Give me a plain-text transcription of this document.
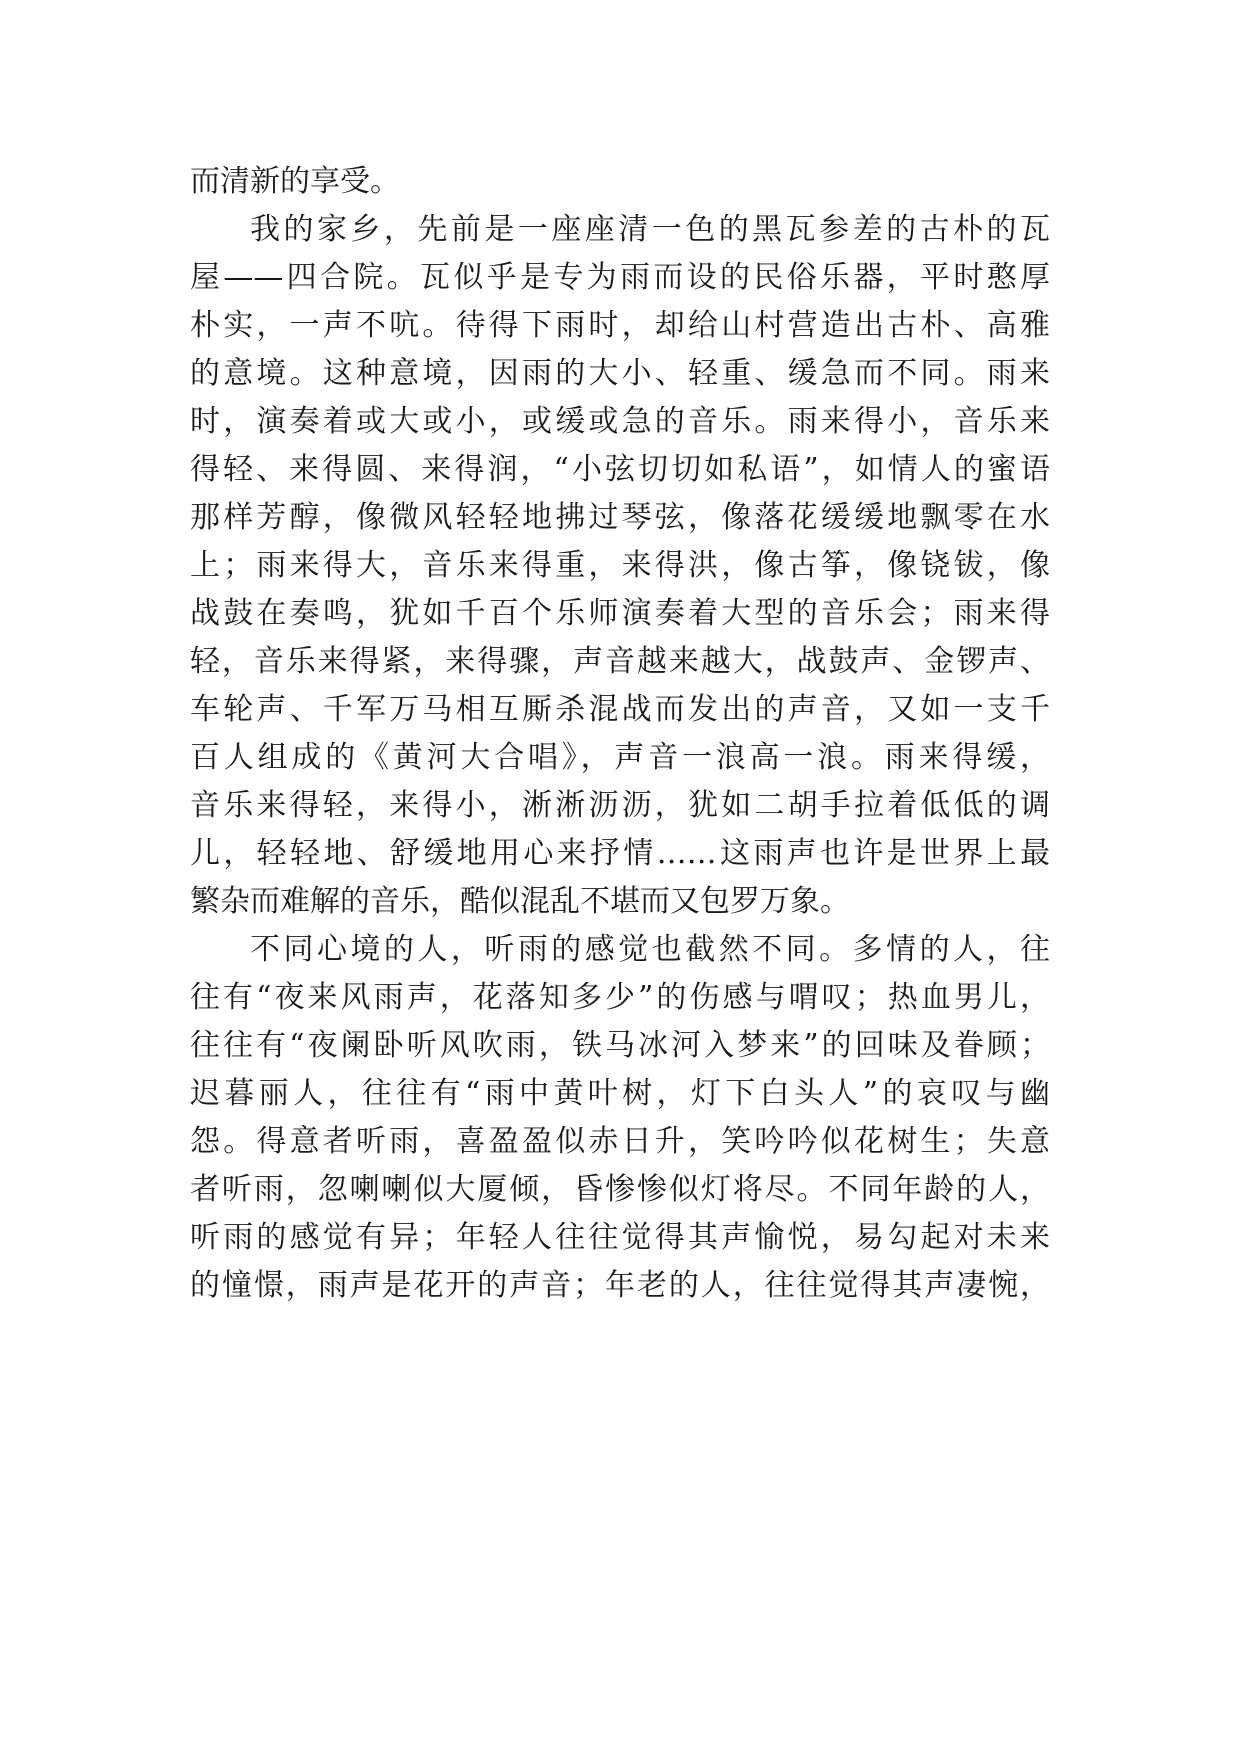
而清新的享受。
我的家乡，先前是一座座清一色的黑瓦参差的古朴的瓦
屋——四合院。瓦似乎是专为雨而设的民俗乐器，平时憨厚
朴实，一声不吭。待得下雨时，却给山村营造出古朴、高雅
的意境。这种意境，因雨的大小、轻重、缓急而不同。雨来
时，演奏着或大或小，或缓或急的音乐。雨来得小，音乐来
得轻、来得圆、来得润，“小弦切切如私语”，如情人的蜜语
那样芳醇，像微风轻轻地拂过琴弦，像落花缓缓地飘零在水
上；雨来得大，音乐来得重，来得洪，像古筝，像铙钹，像
战鼓在奏鸣，犹如千百个乐师演奏着大型的音乐会；雨来得
轻，音乐来得紧，来得骤，声音越来越大，战鼓声、金锣声、
车轮声、千军万马相互厮杀混战而发出的声音，又如一支千
百人组成的《黄河大合唱》，声音一浪高一浪。雨来得缓，
音乐来得轻，来得小，淅淅沥沥，犹如二胡手拉着低低的调
儿，轻轻地、舒缓地用心来抒情……这雨声也许是世界上最
繁杂而难解的音乐，酷似混乱不堪而又包罗万象。
不同心境的人，听雨的感觉也截然不同。多情的人，往
往有“夜来风雨声，花落知多少”的伤感与喟叹；热血男儿，
往往有“夜阑卧听风吹雨，铁马冰河入梦来”的回味及眷顾；
迟暮丽人，往往有“雨中黄叶树，灯下白头人”的哀叹与幽
怨。得意者听雨，喜盈盈似赤日升，笑吟吟似花树生；失意
者听雨，忽喇喇似大厦倾，昏惨惨似灯将尽。不同年龄的人，
听雨的感觉有异；年轻人往往觉得其声愉悦，易勾起对未来
的憧憬，雨声是花开的声音；年老的人，往往觉得其声凄惋，
